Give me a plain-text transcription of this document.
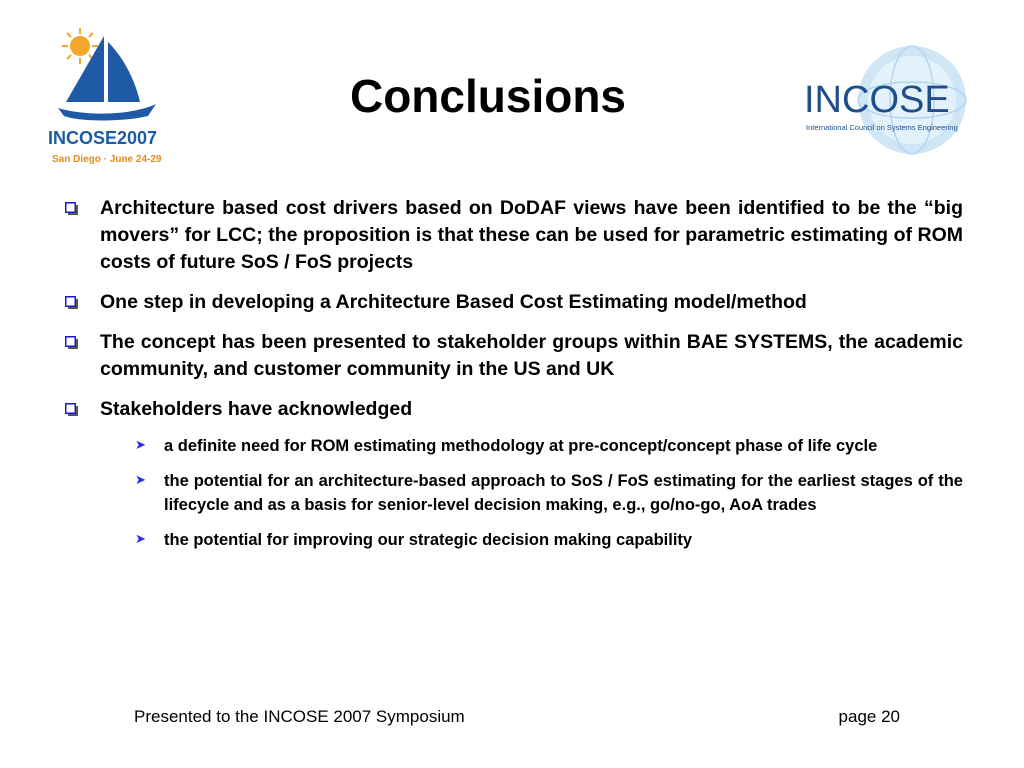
INCOSE2007
San Diego · June 24-29
Conclusions	INCOSE
International Council on Systems Engineering
Architecture based cost drivers based on DoDAF views have been identified to be the “big movers” for LCC; the proposition is that these can be used for parametric estimating of ROM costs of future SoS / FoS projects
One step in developing a Architecture Based Cost Estimating model/method
The concept has been presented to stakeholder groups within BAE SYSTEMS, the academic community, and customer community in the US and UK
Stakeholders have acknowledged
➤ a definite need for ROM estimating methodology at pre-concept/concept phase of life cycle
➤ the potential for an architecture-based approach to SoS / FoS estimating for the earliest stages of the lifecycle and as a basis for senior-level decision making, e.g., go/no-go, AoA trades
➤ the potential for improving our strategic decision making capability
Presented to the INCOSE 2007 Symposium	page 20
